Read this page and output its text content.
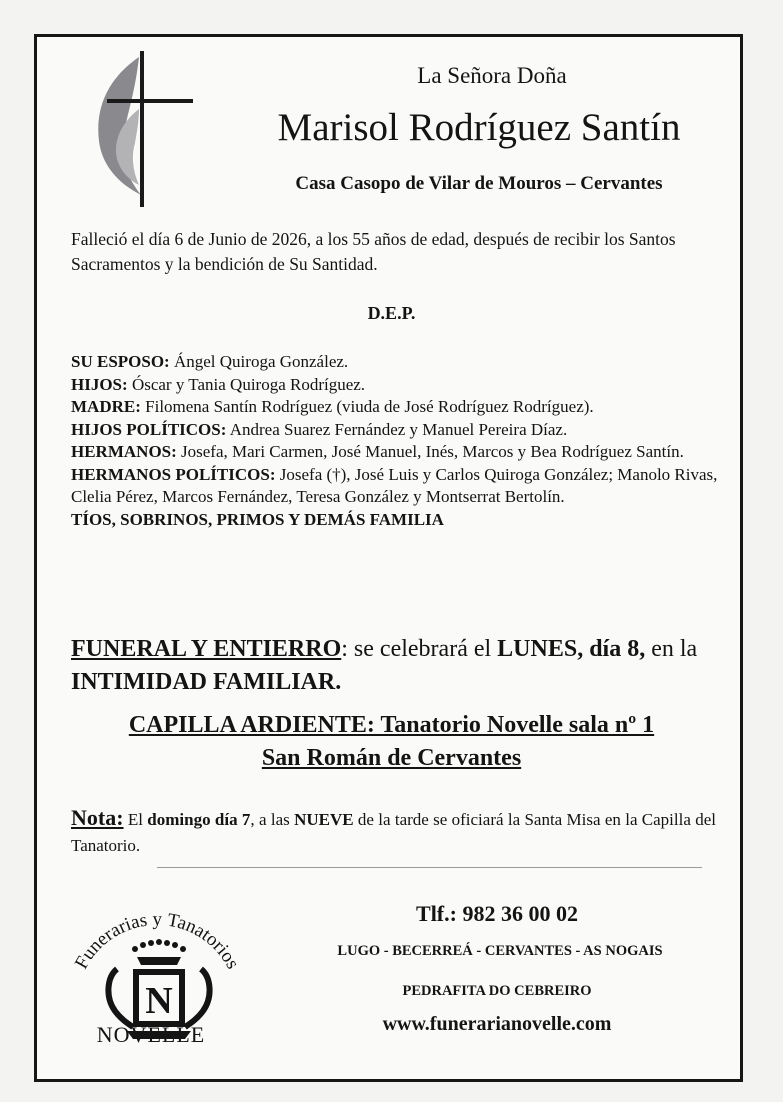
La Señora Doña
Marisol Rodríguez Santín
Casa Casopo de Vilar de Mouros – Cervantes
Falleció el día 6 de Junio de 2026, a los 55 años de edad, después de recibir los Santos Sacramentos y la bendición de Su Santidad.
D.E.P.

SU ESPOSO: Ángel Quiroga González.

HIJOS: Óscar y Tania Quiroga Rodríguez.

MADRE: Filomena Santín Rodríguez (viuda de José Rodríguez Rodríguez).

HIJOS POLÍTICOS: Andrea Suarez Fernández y Manuel Pereira Díaz.

HERMANOS: Josefa, Mari Carmen, José Manuel, Inés, Marcos y Bea Rodríguez Santín.

HERMANOS POLÍTICOS: Josefa (†), José Luis y Carlos Quiroga González; Manolo Rivas, Clelia Pérez, Marcos Fernández, Teresa González y Montserrat Bertolín.

TÍOS, SOBRINOS, PRIMOS Y DEMÁS FAMILIA

FUNERAL Y ENTIERRO: se celebrará el LUNES, día 8, en la INTIMIDAD FAMILIAR.
CAPILLA ARDIENTE: Tanatorio Novelle sala nº 1
San Román de Cervantes
Nota: El domingo día 7, a las NUEVE de la tarde se oficiará la Santa Misa en la Capilla del Tanatorio.
Funerarias y Tanatorios
N
NOVELLE
Tlf.: 982 36 00 02
LUGO - BECERREÁ - CERVANTES - AS NOGAIS
PEDRAFITA DO CEBREIRO
www.funerarianovelle.com
